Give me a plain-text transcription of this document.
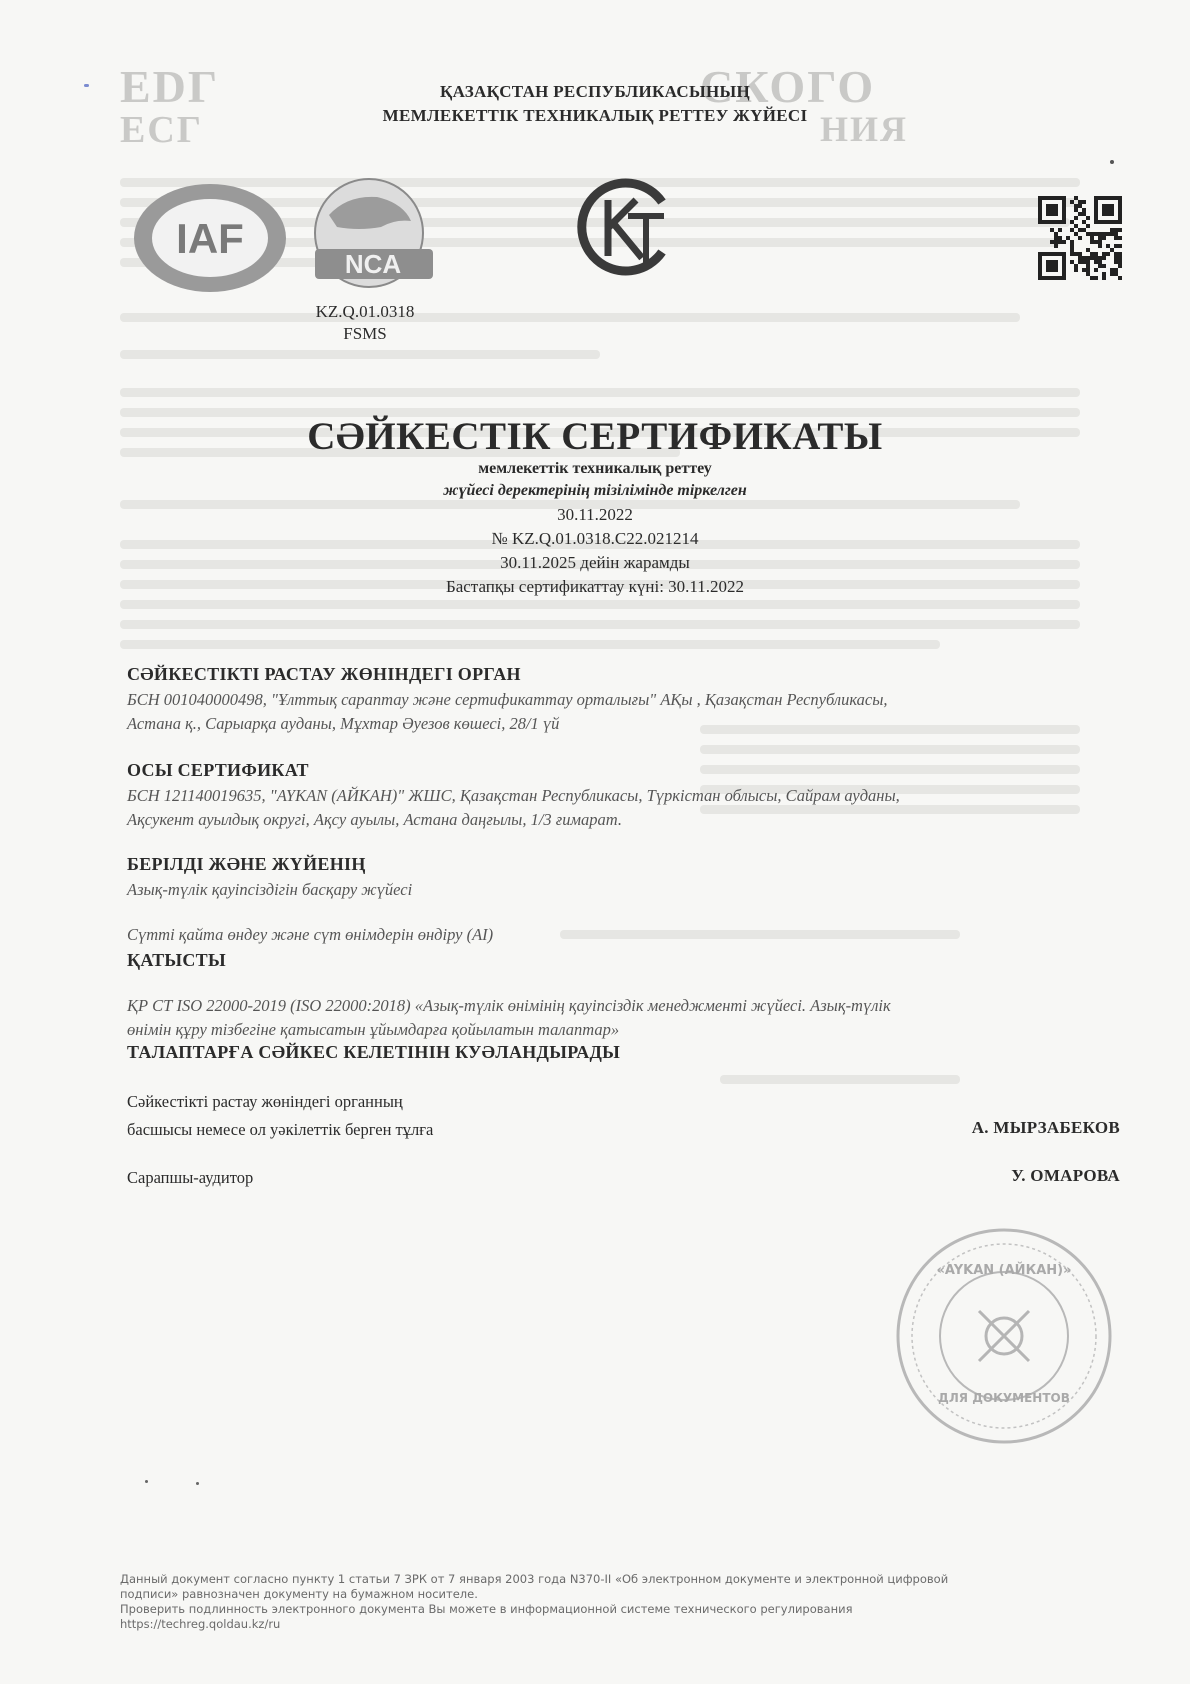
EDГ	СКОГО
ЕСГ	НИЯ
ҚАЗАҚСТАН РЕСПУБЛИКАСЫНЫҢ
МЕМЛЕКЕТТІК ТЕХНИКАЛЫҚ РЕТТЕУ ЖҮЙЕСІ
IAF
NCA
KZ.Q.01.0318
FSMS
СӘЙКЕСТІК СЕРТИФИКАТЫ
мемлекеттік техникалық реттеу
жүйесі деректерінің тізілімінде тіркелген
30.11.2022
№ KZ.Q.01.0318.С22.021214
30.11.2025 дейін жарамды
Бастапқы сертификаттау күні: 30.11.2022
СӘЙКЕСТІКТІ РАСТАУ ЖӨНІНДЕГІ ОРГАН
БСН 001040000498, "Ұлттық сараптау және сертификаттау орталығы" АҚы , Қазақстан Республикасы,
Астана қ., Сарыарқа ауданы, Мұхтар Әуезов көшесі, 28/1 үй
ОСЫ СЕРТИФИКАТ
БСН 121140019635, "AYKAN (АЙКАН)" ЖШС, Қазақстан Республикасы, Түркістан облысы, Сайрам ауданы,
Ақсукент ауылдық округі, Ақсу ауылы, Астана даңғылы, 1/3 ғимарат.
БЕРІЛДІ ЖӘНЕ ЖҮЙЕНІҢ
Азық-түлік қауіпсіздігін басқару жүйесі
Сүтті қайта өндеу және сүт өнімдерін өндіру (AI)
ҚАТЫСТЫ
ҚР СТ ISO 22000-2019 (ISO 22000:2018) «Азық-түлік өнімінің қауіпсіздік менеджменті жүйесі. Азық-түлік
өнімін құру тізбегіне қатысатын ұйымдарға қойылатын талаптар»
ТАЛАПТАРҒА СӘЙКЕС КЕЛЕТІНІН КУӘЛАНДЫРАДЫ
Сәйкестікті растау жөніндегі органның
басшысы немесе ол уәкілеттік берген тұлға	А. МЫРЗАБЕКОВ
Сарапшы-аудитор	У. ОМАРОВА
«AYKAN (АЙКАН)»
ДЛЯ ДОКУМЕНТОВ
Данный документ согласно пункту 1 статьи 7 ЗРК от 7 января 2003 года N370-II «Об электронном документе и электронной цифровой
подписи» равнозначен документу на бумажном носителе.
Проверить подлинность электронного документа Вы можете в информационной системе технического регулирования
https://techreg.qoldau.kz/ru
